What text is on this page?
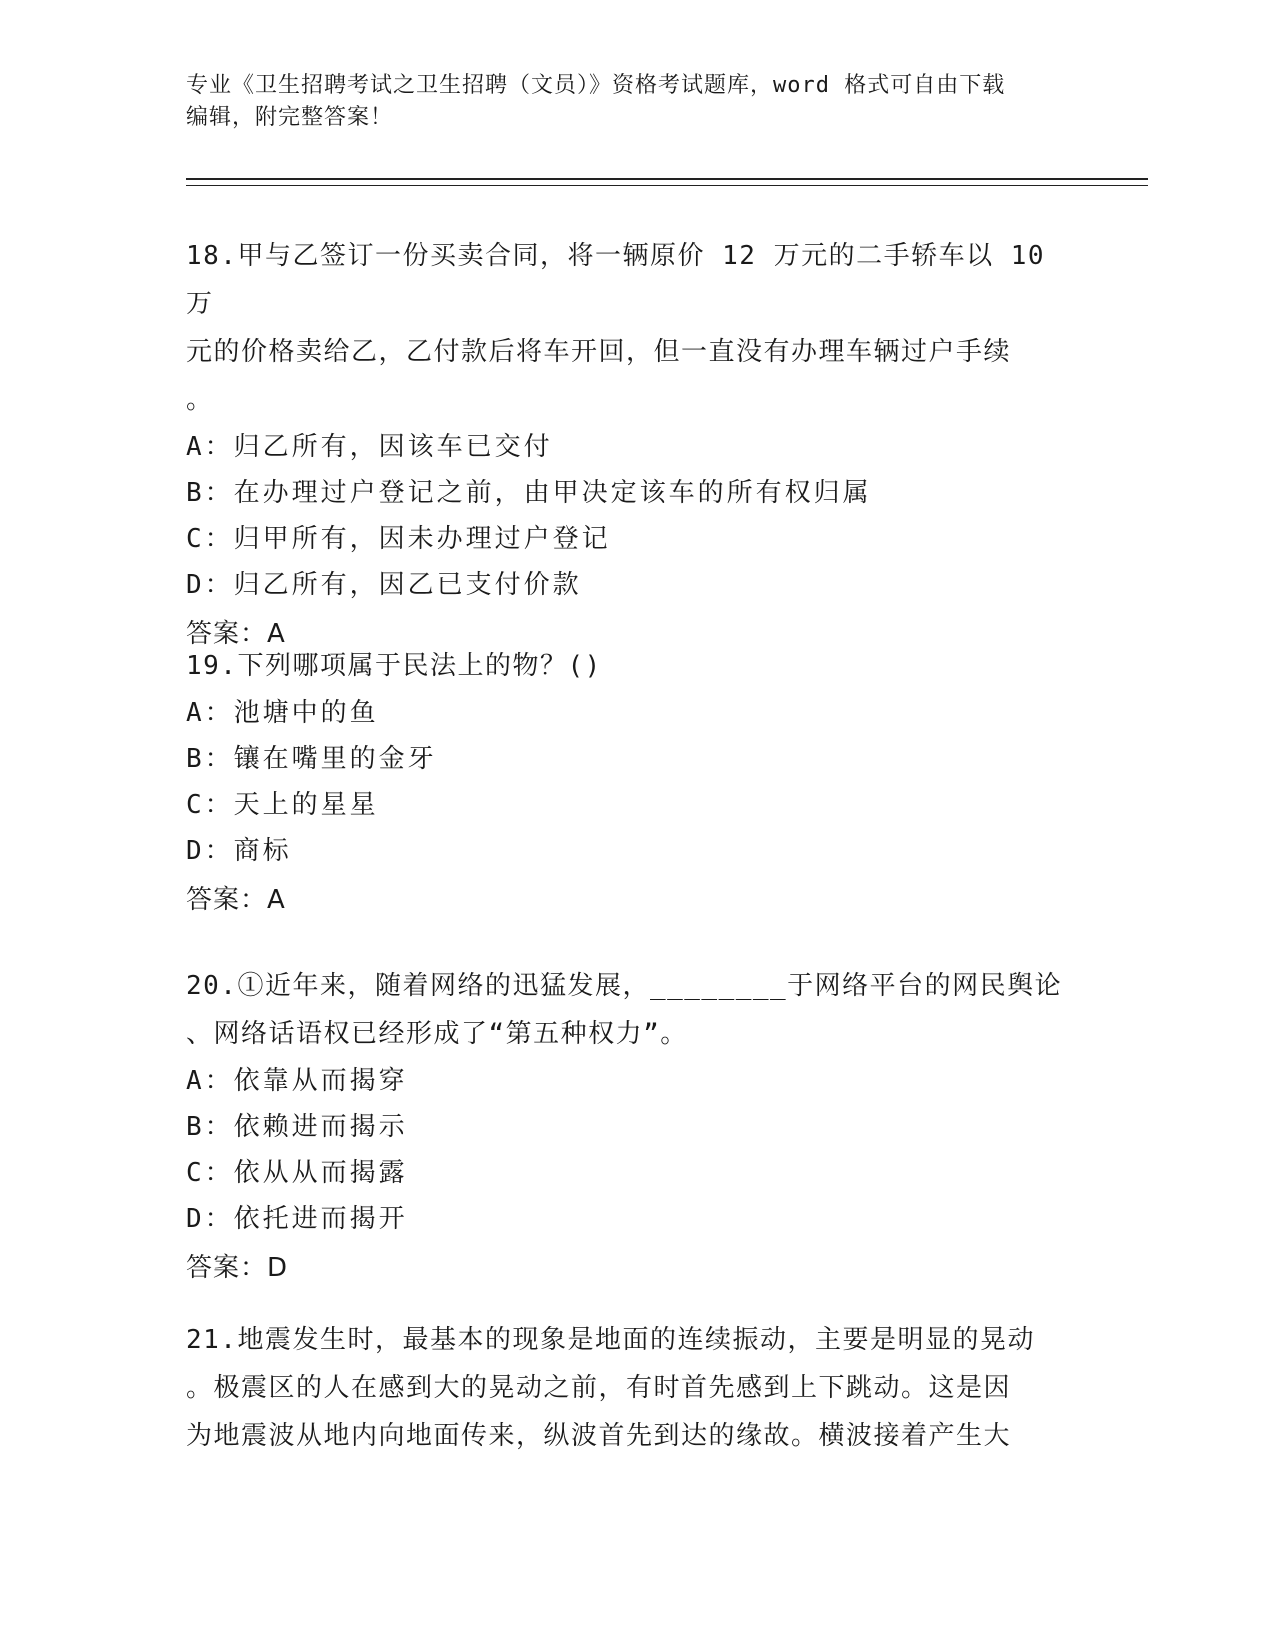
专业《卫生招聘考试之卫生招聘（文员）》资格考试题库，word 格式可自由下载
编辑，附完整答案！
18.甲与乙签订一份买卖合同，将一辆原价 12 万元的二手轿车以 10 万
元的价格卖给乙，乙付款后将车开回，但一直没有办理车辆过户手续
。
A：归乙所有，因该车已交付
B：在办理过户登记之前，由甲决定该车的所有权归属
C：归甲所有，因未办理过户登记
D：归乙所有，因乙已支付价款
答案：A
19.下列哪项属于民法上的物？()
A：池塘中的鱼
B：镶在嘴里的金牙
C：天上的星星
D：商标
答案：A
20.①近年来，随着网络的迅猛发展，________于网络平台的网民舆论
、网络话语权已经形成了“第五种权力”。
A：依靠从而揭穿
B：依赖进而揭示
C：依从从而揭露
D：依托进而揭开
答案：D
21.地震发生时，最基本的现象是地面的连续振动，主要是明显的晃动
。极震区的人在感到大的晃动之前，有时首先感到上下跳动。这是因
为地震波从地内向地面传来，纵波首先到达的缘故。横波接着产生大
